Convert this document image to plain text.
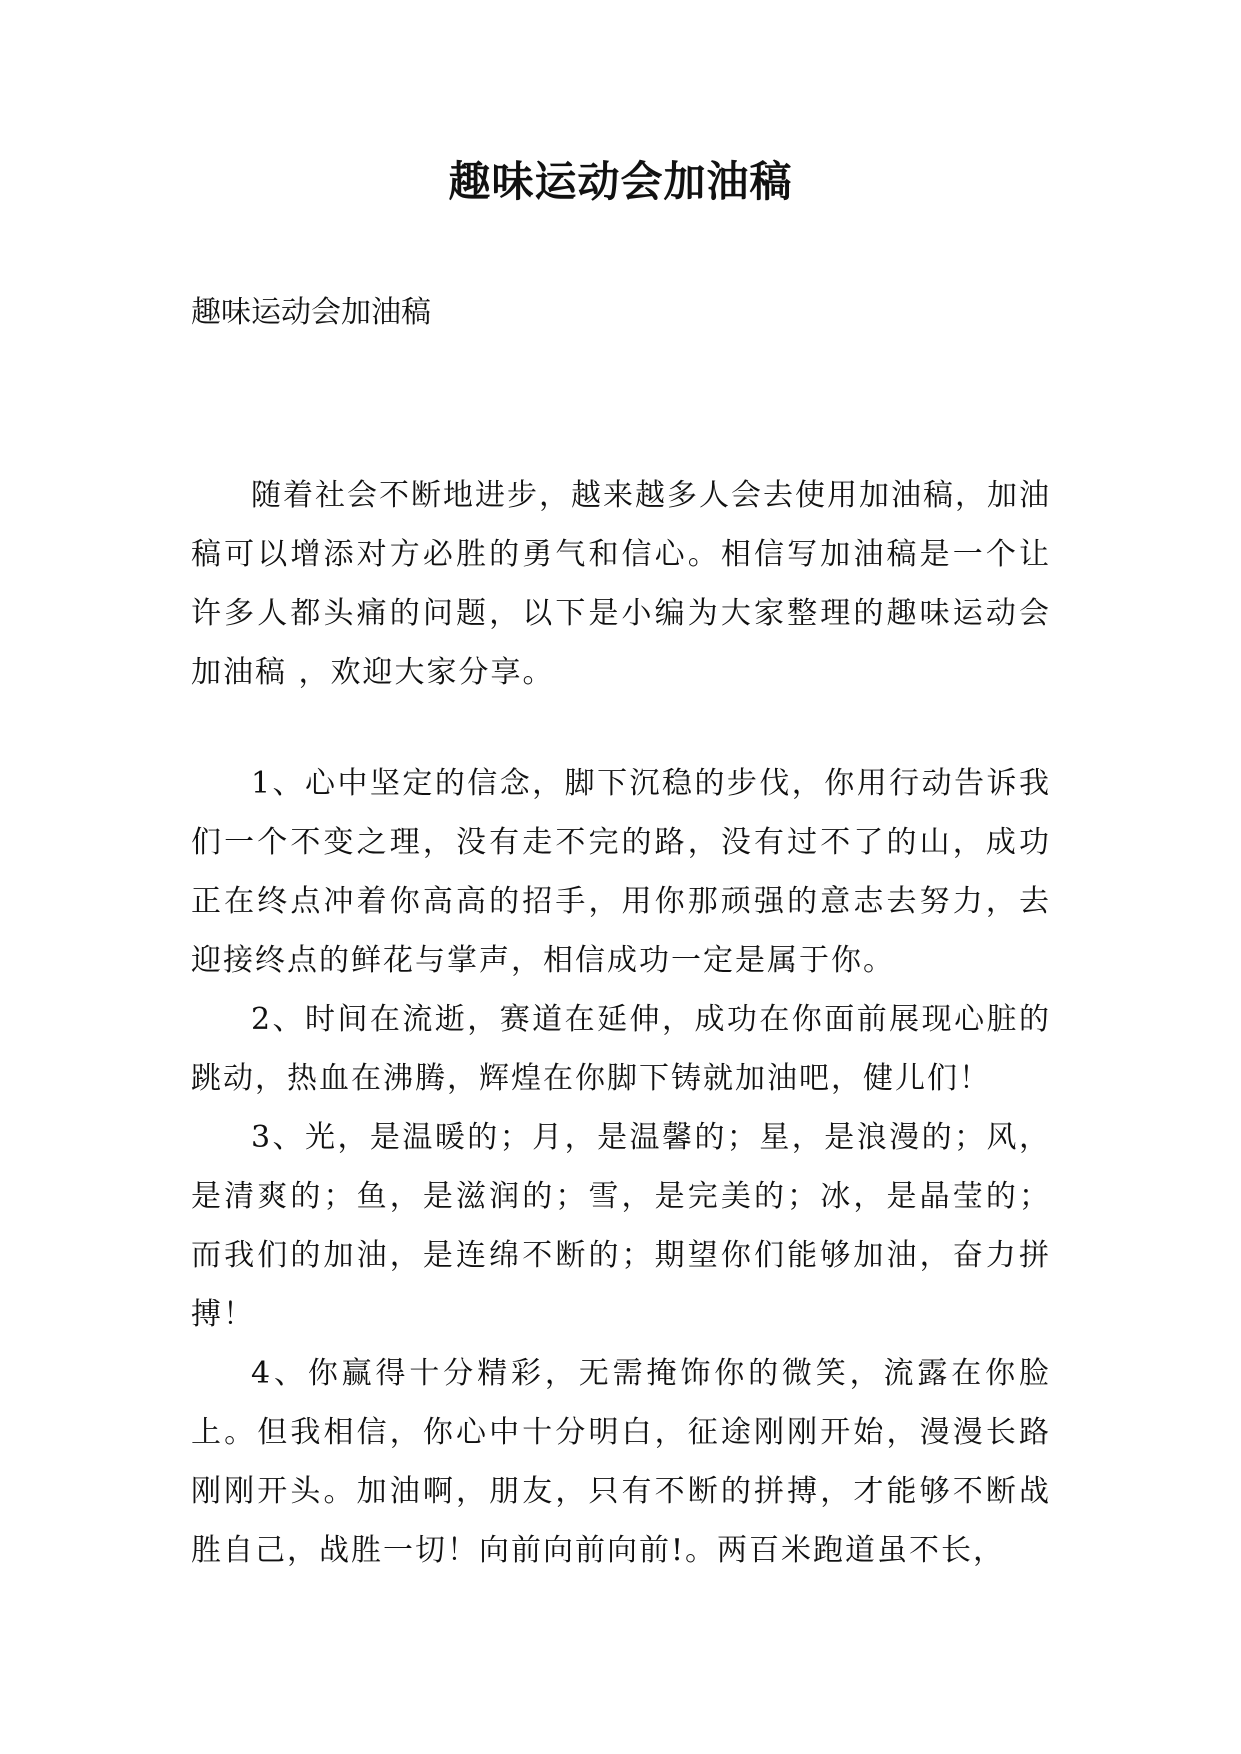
趣味运动会加油稿

趣味运动会加油稿

随着社会不断地进步，越来越多人会去使用加油稿，加油稿可以增添对方必胜的勇气和信心。相信写加油稿是一个让许多人都头痛的问题，以下是小编为大家整理的趣味运动会加油稿 ，欢迎大家分享。

1、心中坚定的信念，脚下沉稳的步伐，你用行动告诉我们一个不变之理，没有走不完的路，没有过不了的山，成功正在终点冲着你高高的招手，用你那顽强的意志去努力，去迎接终点的鲜花与掌声，相信成功一定是属于你。

2、时间在流逝，赛道在延伸，成功在你面前展现心脏的跳动，热血在沸腾，辉煌在你脚下铸就加油吧，健儿们！

3、光，是温暖的；月，是温馨的；星，是浪漫的；风，是清爽的；鱼，是滋润的；雪，是完美的；冰，是晶莹的；而我们的加油，是连绵不断的；期望你们能够加油，奋力拼搏！

4、你赢得十分精彩，无需掩饰你的微笑，流露在你脸上。但我相信，你心中十分明白，征途刚刚开始，漫漫长路刚刚开头。加油啊，朋友，只有不断的拼搏，才能够不断战胜自己，战胜一切！向前向前向前!。两百米跑道虽不长，
